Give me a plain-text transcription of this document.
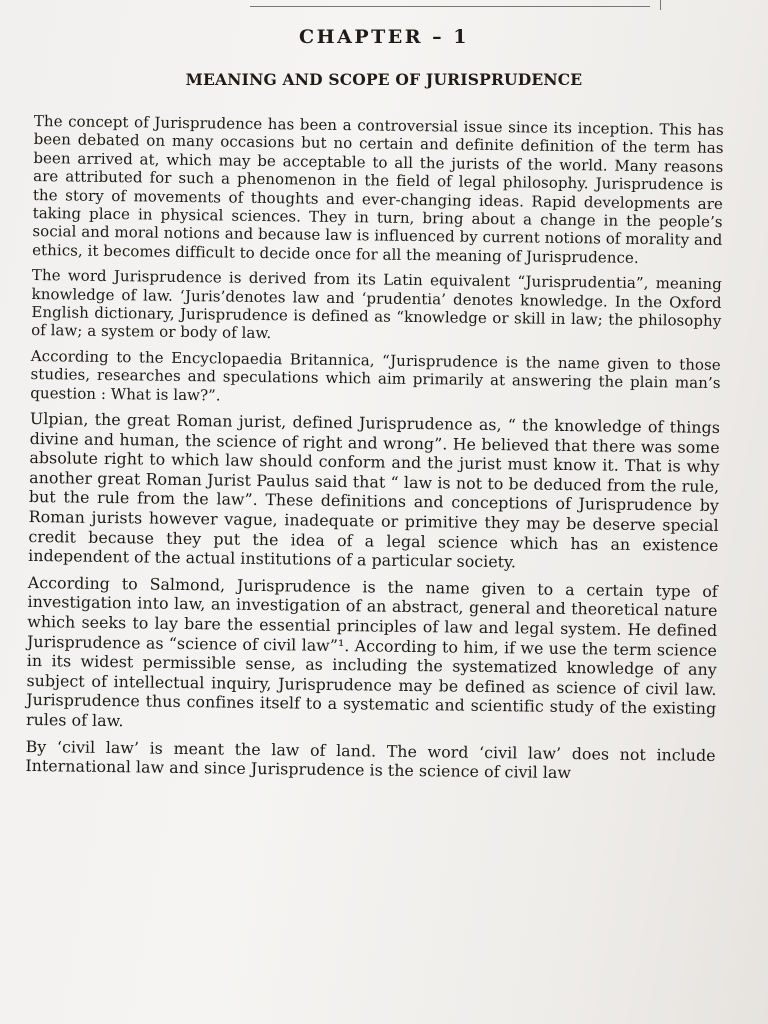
CHAPTER – 1
MEANING AND SCOPE OF JURISPRUDENCE

The concept of Jurisprudence has been a controversial issue since its inception. This has been debated on many occasions but no certain and definite definition of the term has been arrived at, which may be acceptable to all the jurists of the world. Many reasons are attributed for such a phenomenon in the field of legal philosophy. Jurisprudence is the story of movements of thoughts and ever-changing ideas. Rapid developments are taking place in physical sciences. They in turn, bring about a change in the people’s social and moral notions and because law is influenced by current notions of morality and ethics, it becomes difficult to decide once for all the meaning of Jurisprudence.

The word Jurisprudence is derived from its Latin equivalent “Jurisprudentia”, meaning knowledge of law. ‘Juris’denotes law and ‘prudentia’ denotes knowledge. In the Oxford English dictionary, Jurisprudence is defined as “knowledge or skill in law; the philosophy of law; a system or body of law.

According to the Encyclopaedia Britannica, “Jurisprudence is the name given to those studies, researches and speculations which aim primarily at answering the plain man’s question : What is law?”.

Ulpian, the great Roman jurist, defined Jurisprudence as, “ the knowledge of things divine and human, the science of right and wrong”. He believed that there was some absolute right to which law should conform and the jurist must know it. That is why another great Roman Jurist Paulus said that “ law is not to be deduced from the rule, but the rule from the law”. These definitions and conceptions of Jurisprudence by Roman jurists however vague, inadequate or primitive they may be deserve special credit because they put the idea of a legal science which has an existence independent of the actual institutions of a particular society.

According to Salmond, Jurisprudence is the name given to a certain type of investigation into law, an investigation of an abstract, general and theoretical nature which seeks to lay bare the essential principles of law and legal system. He defined Jurisprudence as “science of civil law”¹. According to him, if we use the term science in its widest permissible sense, as including the systematized knowledge of any subject of intellectual inquiry, Jurisprudence may be defined as science of civil law. Jurisprudence thus confines itself to a systematic and scientific study of the existing rules of law.

By ‘civil law’ is meant the law of land. The word ‘civil law’ does not include International law and since Jurisprudence is the science of civil law
